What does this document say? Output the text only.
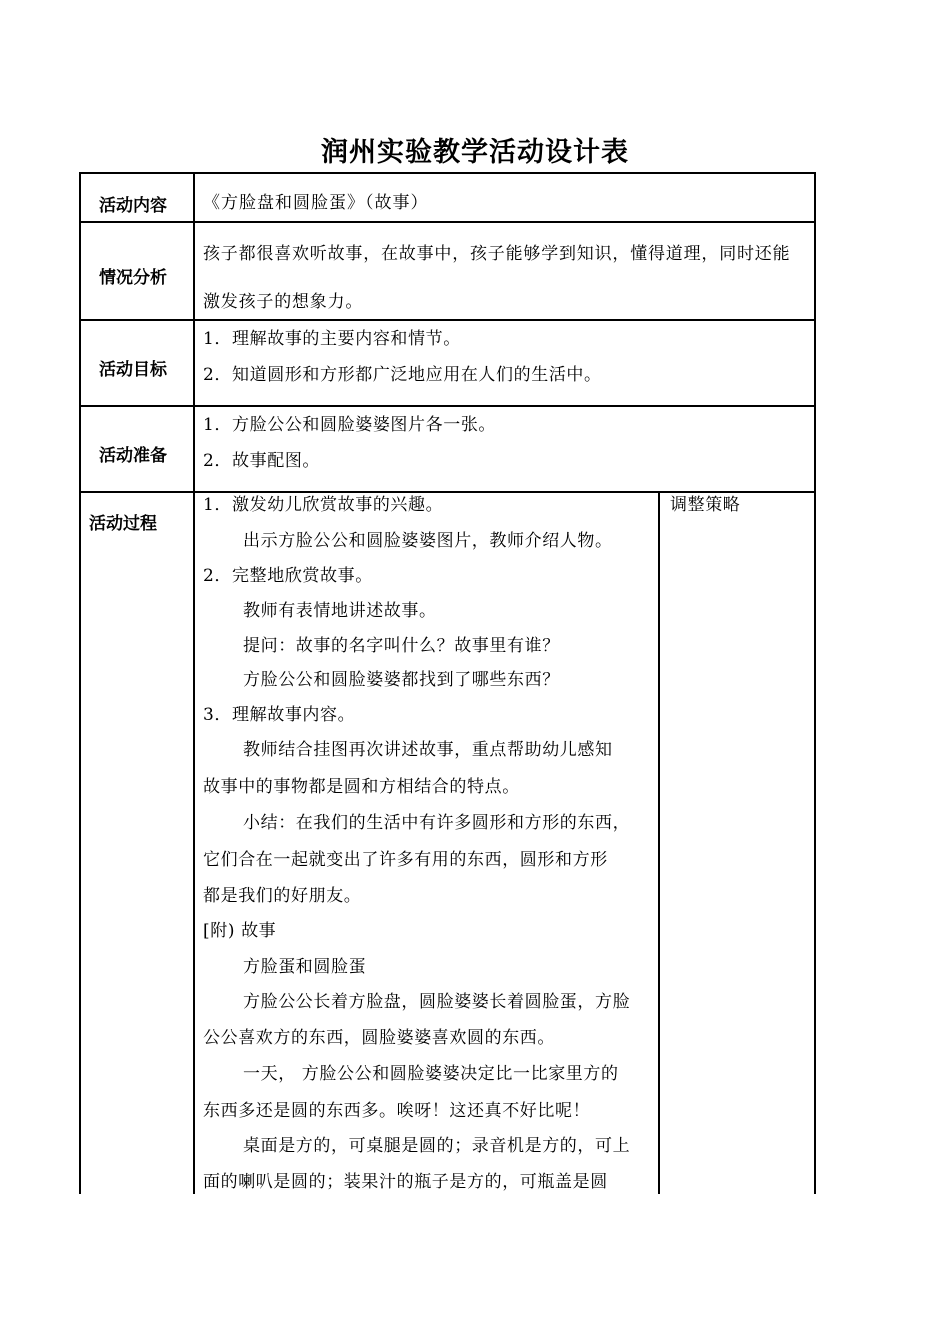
润州实验教学活动设计表
活动内容 《方脸盘和圆脸蛋》（故事）
情况分析
孩子都很喜欢听故事，在故事中，孩子能够学到知识，懂得道理，同时还能
激发孩子的想象力。
活动目标
1．理解故事的主要内容和情节。
2．知道圆形和方形都广泛地应用在人们的生活中。
活动准备
1．方脸公公和圆脸婆婆图片各一张。
2．故事配图。
活动过程
调整策略
1．激发幼儿欣赏故事的兴趣。
出示方脸公公和圆脸婆婆图片，教师介绍人物。
2．完整地欣赏故事。
教师有表情地讲述故事。
提问：故事的名字叫什么？故事里有谁？
方脸公公和圆脸婆婆都找到了哪些东西？
3．理解故事内容。
教师结合挂图再次讲述故事，重点帮助幼儿感知
故事中的事物都是圆和方相结合的特点。
小结：在我们的生活中有许多圆形和方形的东西，
它们合在一起就变出了许多有用的东西，圆形和方形
都是我们的好朋友。
[附) 故事
方脸蛋和圆脸蛋
方脸公公长着方脸盘，圆脸婆婆长着圆脸蛋，方脸
公公喜欢方的东西，圆脸婆婆喜欢圆的东西。
一天， 方脸公公和圆脸婆婆决定比一比家里方的
东西多还是圆的东西多。唉呀！这还真不好比呢！
桌面是方的，可桌腿是圆的；录音机是方的，可上
面的喇叭是圆的；装果汁的瓶子是方的，可瓶盖是圆
